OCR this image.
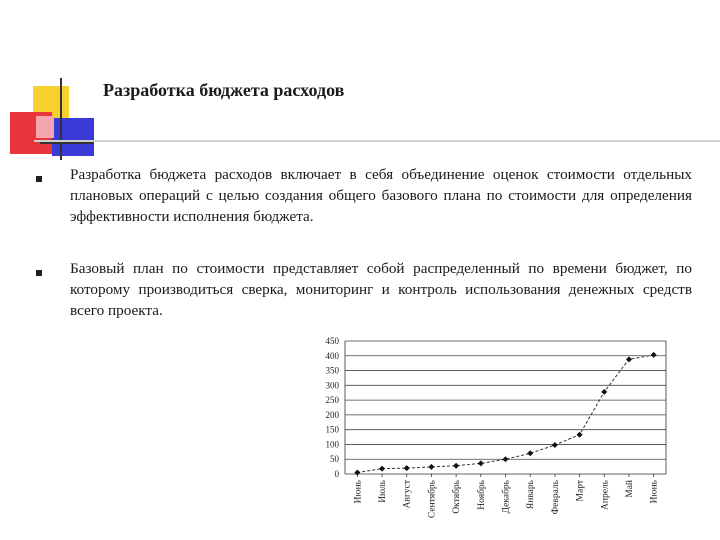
Разработка бюджета расходов
Разработка бюджета расходов включает в себя объединение оценок стоимости отдельных плановых операций с целью создания общего базового плана по стоимости для определения эффективности исполнения бюджета.
Базовый план по стоимости представляет собой распределенный по времени бюджет, по которому производиться сверка, мониторинг и контроль использования денежных средств всего проекта.
0
50
100
150
200
250
300
350
400
450
Июнь Июль Август Сентябрь Октябрь Ноябрь Декабрь Январь Февраль Март Апрель Май Июнь
